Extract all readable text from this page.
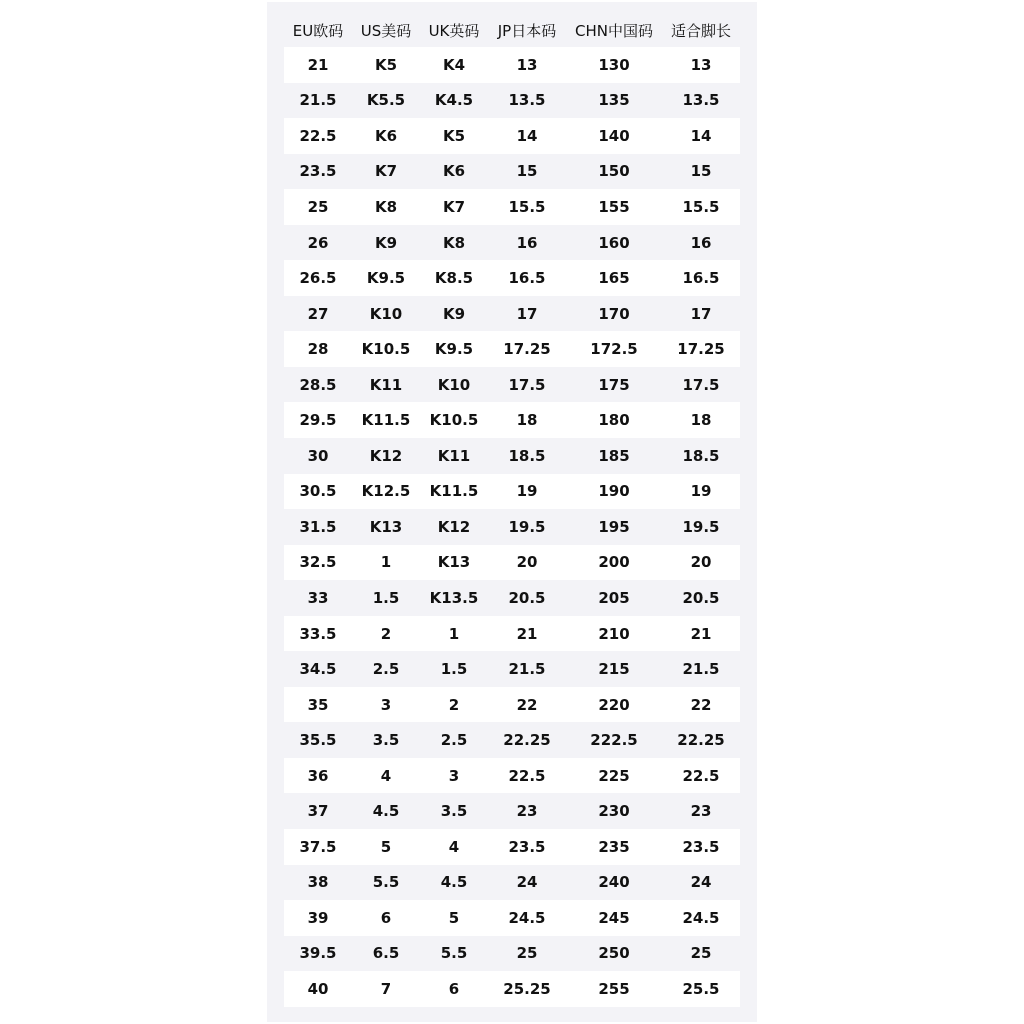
EU欧码	US美码	UK英码	JP日本码	CHN中国码	适合脚长
21	K5	K4	13	130	13
21.5	K5.5	K4.5	13.5	135	13.5
22.5	K6	K5	14	140	14
23.5	K7	K6	15	150	15
25	K8	K7	15.5	155	15.5
26	K9	K8	16	160	16
26.5	K9.5	K8.5	16.5	165	16.5
27	K10	K9	17	170	17
28	K10.5	K9.5	17.25	172.5	17.25
28.5	K11	K10	17.5	175	17.5
29.5	K11.5	K10.5	18	180	18
30	K12	K11	18.5	185	18.5
30.5	K12.5	K11.5	19	190	19
31.5	K13	K12	19.5	195	19.5
32.5	1	K13	20	200	20
33	1.5	K13.5	20.5	205	20.5
33.5	2	1	21	210	21
34.5	2.5	1.5	21.5	215	21.5
35	3	2	22	220	22
35.5	3.5	2.5	22.25	222.5	22.25
36	4	3	22.5	225	22.5
37	4.5	3.5	23	230	23
37.5	5	4	23.5	235	23.5
38	5.5	4.5	24	240	24
39	6	5	24.5	245	24.5
39.5	6.5	5.5	25	250	25
40	7	6	25.25	255	25.5
